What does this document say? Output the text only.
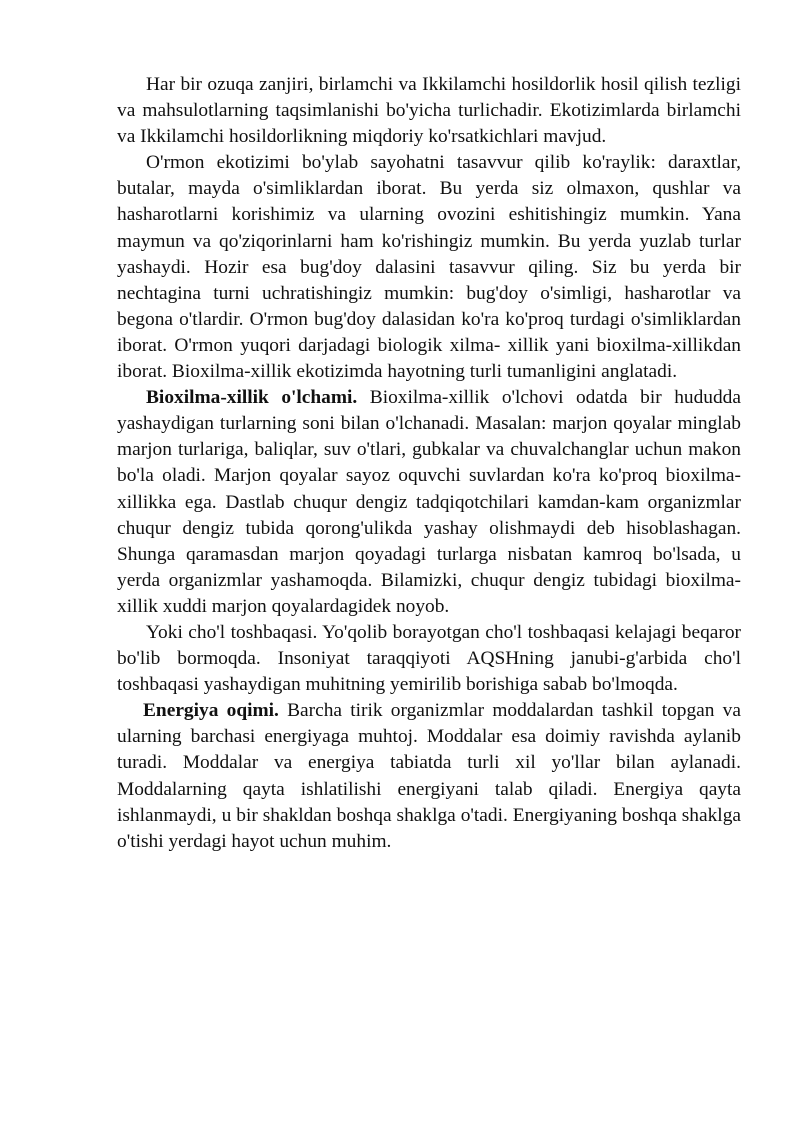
Har bir ozuqa zanjiri, birlamchi va Ikkilamchi hosildorlik hosil qilish tezligi va mahsulotlarning taqsimlanishi bo'yicha turlichadir. Ekotizimlarda birlamchi va Ikkilamchi hosildorlikning miqdoriy ko'rsatkichlari mavjud.

O'rmon ekotizimi bo'ylab sayohatni tasavvur qilib ko'raylik: daraxtlar, butalar, mayda o'simliklardan iborat. Bu yerda siz olmaxon, qushlar va hasharotlarni korishimiz va ularning ovozini eshitishingiz mumkin. Yana maymun va qo'ziqorinlarni ham ko'rishingiz mumkin. Bu yerda yuzlab turlar yashaydi. Hozir esa bug'doy dalasini tasavvur qiling. Siz bu yerda bir nechtagina turni uchratishingiz mumkin: bug'doy o'simligi, hasharotlar va begona o'tlardir. O'rmon bug'doy dalasidan ko'ra ko'proq turdagi o'simliklardan iborat. O'rmon yuqori darjadagi biologik xilma- xillik yani bioxilma-xillikdan iborat. Bioxilma-xillik ekotizimda hayotning turli tumanligini anglatadi.

Bioxilma-xillik o'lchami. Bioxilma-xillik o'lchovi odatda bir hududda yashaydigan turlarning soni bilan o'lchanadi. Masalan: marjon qoyalar minglab marjon turlariga, baliqlar, suv o'tlari, gubkalar va chuvalchanglar uchun makon bo'la oladi. Marjon qoyalar sayoz oquvchi suvlardan ko'ra ko'proq bioxilma-xillikka ega. Dastlab chuqur dengiz tadqiqotchilari kamdan-kam organizmlar chuqur dengiz tubida qorong'ulikda yashay olishmaydi deb hisoblashagan. Shunga qaramasdan marjon qoyadagi turlarga nisbatan kamroq bo'lsada, u yerda organizmlar yashamoqda. Bilamizki, chuqur dengiz tubidagi bioxilma-xillik xuddi marjon qoyalardagidek noyob.

Yoki cho'l toshbaqasi. Yo'qolib borayotgan cho'l toshbaqasi kelajagi beqaror bo'lib bormoqda. Insoniyat taraqqiyoti AQSHning janubi-g'arbida cho'l toshbaqasi yashaydigan muhitning yemirilib borishiga sabab bo'lmoqda.

Energiya oqimi. Barcha tirik organizmlar moddalardan tashkil topgan va ularning barchasi energiyaga muhtoj. Moddalar esa doimiy ravishda aylanib turadi. Moddalar va energiya tabiatda turli xil yo'llar bilan aylanadi. Moddalarning qayta ishlatilishi energiyani talab qiladi. Energiya qayta ishlanmaydi, u bir shakldan boshqa shaklga o'tadi. Energiyaning boshqa shaklga o'tishi yerdagi hayot uchun muhim.
